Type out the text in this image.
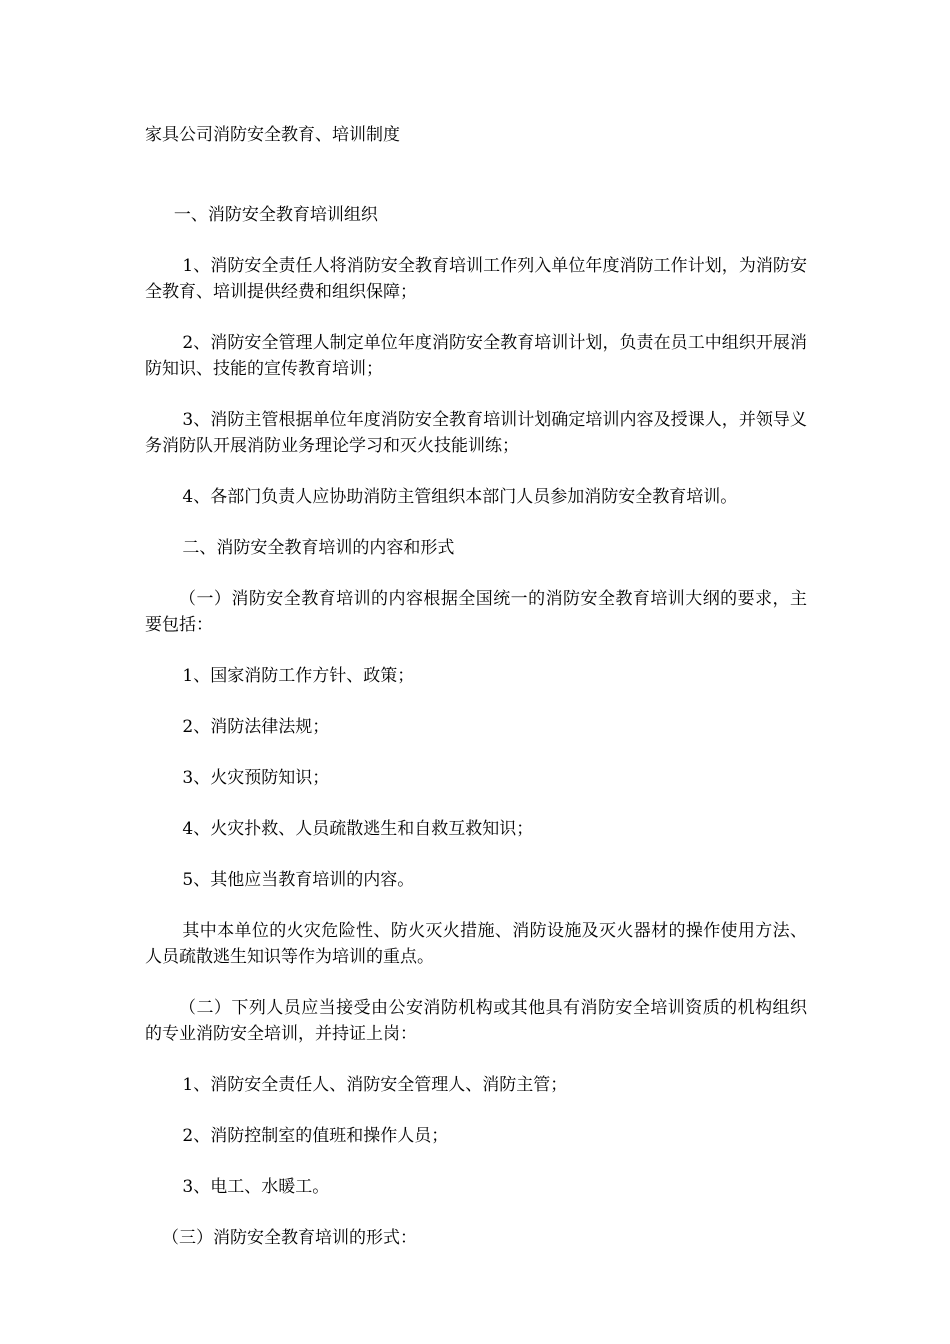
家具公司消防安全教育、培训制度

一、消防安全教育培训组织

1、消防安全责任人将消防安全教育培训工作列入单位年度消防工作计划，为消防安全教育、培训提供经费和组织保障；

2、消防安全管理人制定单位年度消防安全教育培训计划，负责在员工中组织开展消防知识、技能的宣传教育培训；

3、消防主管根据单位年度消防安全教育培训计划确定培训内容及授课人，并领导义务消防队开展消防业务理论学习和灭火技能训练；

4、各部门负责人应协助消防主管组织本部门人员参加消防安全教育培训。

二、消防安全教育培训的内容和形式

（一）消防安全教育培训的内容根据全国统一的消防安全教育培训大纲的要求，主要包括：

1、国家消防工作方针、政策；

2、消防法律法规；

3、火灾预防知识；

4、火灾扑救、人员疏散逃生和自救互救知识；

5、其他应当教育培训的内容。

其中本单位的火灾危险性、防火灭火措施、消防设施及灭火器材的操作使用方法、人员疏散逃生知识等作为培训的重点。

（二）下列人员应当接受由公安消防机构或其他具有消防安全培训资质的机构组织的专业消防安全培训，并持证上岗：

1、消防安全责任人、消防安全管理人、消防主管；

2、消防控制室的值班和操作人员；

3、电工、水暖工。

（三）消防安全教育培训的形式：
